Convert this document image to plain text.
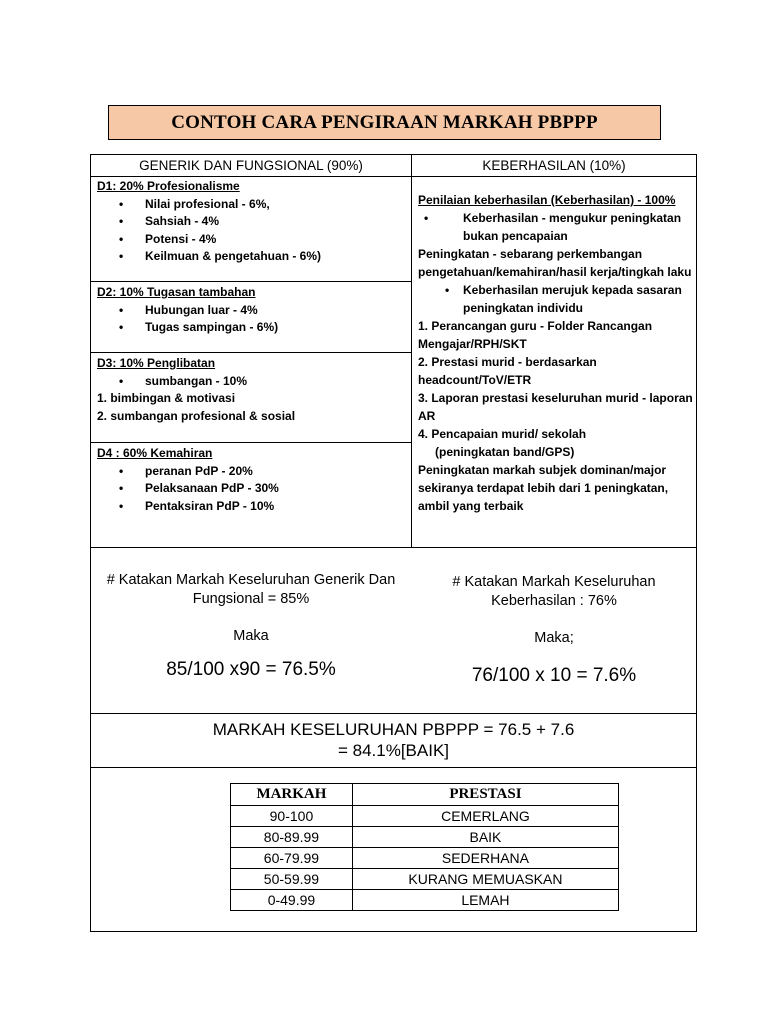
CONTOH CARA PENGIRAAN MARKAH PBPPP
GENERIK DAN FUNGSIONAL (90%)	KEBERHASILAN (10%)
D1: 20% Profesionalisme
• Nilai profesional - 6%,
• Sahsiah - 4%
• Potensi - 4%
• Keilmuan & pengetahuan - 6%)
D2: 10% Tugasan tambahan
• Hubungan luar - 4%
• Tugas sampingan - 6%)
D3: 10% Penglibatan
• sumbangan - 10%
1. bimbingan & motivasi
2. sumbangan profesional & sosial
D4 : 60% Kemahiran
• peranan PdP - 20%
• Pelaksanaan PdP - 30%
• Pentaksiran PdP - 10%
Penilaian keberhasilan (Keberhasilan) - 100%
• Keberhasilan - mengukur peningkatan bukan pencapaian
Peningkatan - sebarang perkembangan pengetahuan/kemahiran/hasil kerja/tingkah laku
• Keberhasilan merujuk kepada sasaran peningkatan individu
1. Perancangan guru - Folder Rancangan Mengajar/RPH/SKT
2. Prestasi murid - berdasarkan headcount/ToV/ETR
3. Laporan prestasi keseluruhan murid - laporan AR
4. Pencapaian murid/ sekolah
(peningkatan band/GPS)
Peningkatan markah subjek dominan/major sekiranya terdapat lebih dari 1 peningkatan, ambil yang terbaik
# Katakan Markah Keseluruhan Generik Dan
Fungsional = 85%
Maka
85/100 x90 = 76.5%
# Katakan Markah Keseluruhan
Keberhasilan : 76%
Maka;
76/100 x 10 = 7.6%
MARKAH KESELURUHAN PBPPP = 76.5 + 7.6
= 84.1%[BAIK]
MARKAH	PRESTASI
90-100	CEMERLANG
80-89.99	BAIK
60-79.99	SEDERHANA
50-59.99	KURANG MEMUASKAN
0-49.99	LEMAH
